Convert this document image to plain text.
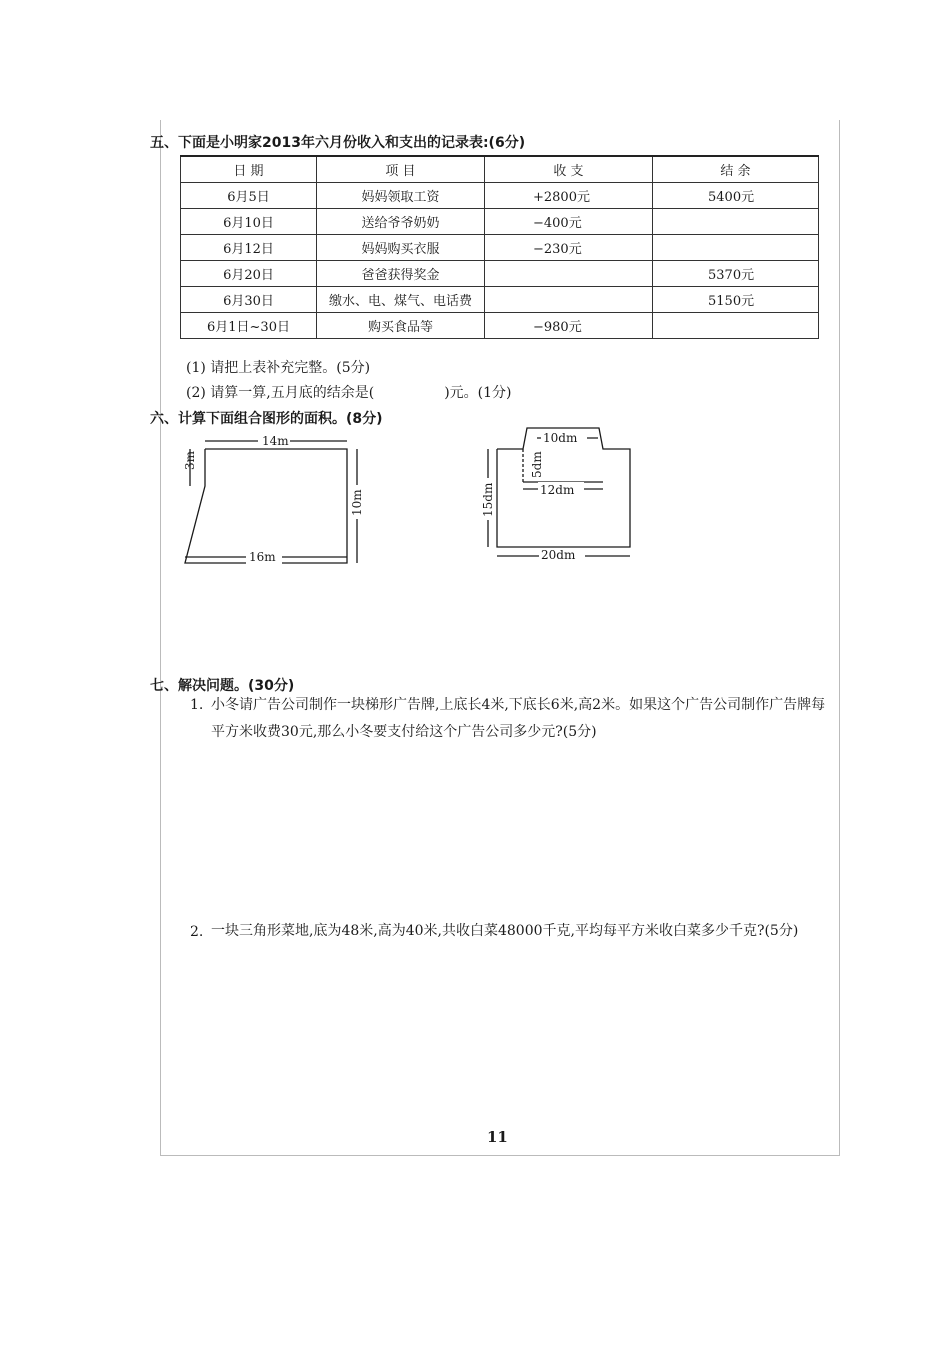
五、下面是小明家2013年六月份收入和支出的记录表:(6分)
日 期	项 目	收 支	结 余
6月5日	妈妈领取工资	+2800元	5400元
6月10日	送给爷爷奶奶	−400元	
6月12日	妈妈购买衣服	−230元	
6月20日	爸爸获得奖金		5370元
6月30日	缴水、电、煤气、电话费		5150元
6月1日~30日	购买食品等	−980元	
(1) 请把上表补充完整。(5分)
(2) 请算一算,五月底的结余是(	)元。(1分)
六、计算下面组合图形的面积。(8分)
14m
3m
10m
16m
10dm
5dm
12dm
15dm
20dm
七、解决问题。(30分)
1. 小冬请广告公司制作一块梯形广告牌,上底长4米,下底长6米,高2米。如果这个广告公司制作广告牌每平方米收费30元,那么小冬要支付给这个广告公司多少元?(5分)
2. 一块三角形菜地,底为48米,高为40米,共收白菜48000千克,平均每平方米收白菜多少千克?(5分)
11
